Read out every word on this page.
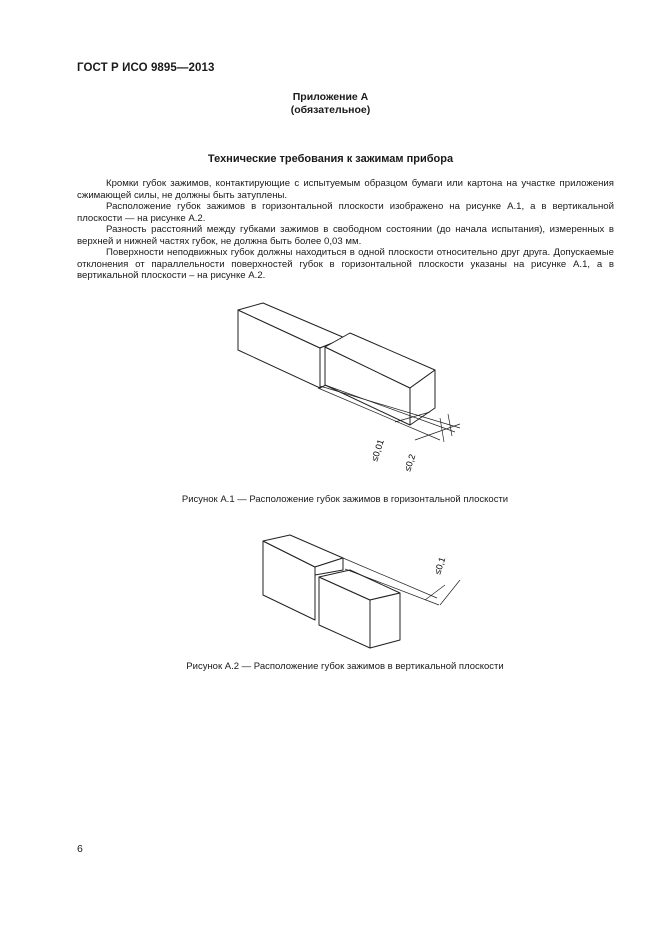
ГОСТ Р ИСО 9895—2013
Приложение А
(обязательное)
Технические требования к зажимам прибора

Кромки губок зажимов, контактирующие с испытуемым образцом бумаги или картона на участке приложения сжимающей силы, не должны быть затуплены.

Расположение губок зажимов в горизонтальной плоскости изображено на рисунке А.1, а в вертикальной плоскости — на рисунке А.2.

Разность расстояний между губками зажимов в свободном состоянии (до начала испытания), измеренных в верхней и нижней частях губок, не должна быть более 0,03 мм.

Поверхности неподвижных губок должны находиться в одной плоскости относительно друг друга. Допускаемые отклонения от параллельности поверхностей губок в горизонтальной плоскости указаны на рисунке А.1, а в вертикальной плоскости – на рисунке А.2.

≤0,01
≤0,2
Рисунок А.1 — Расположение губок зажимов в горизонтальной плоскости
≤0,1
Рисунок А.2 — Расположение губок зажимов в вертикальной плоскости
6
